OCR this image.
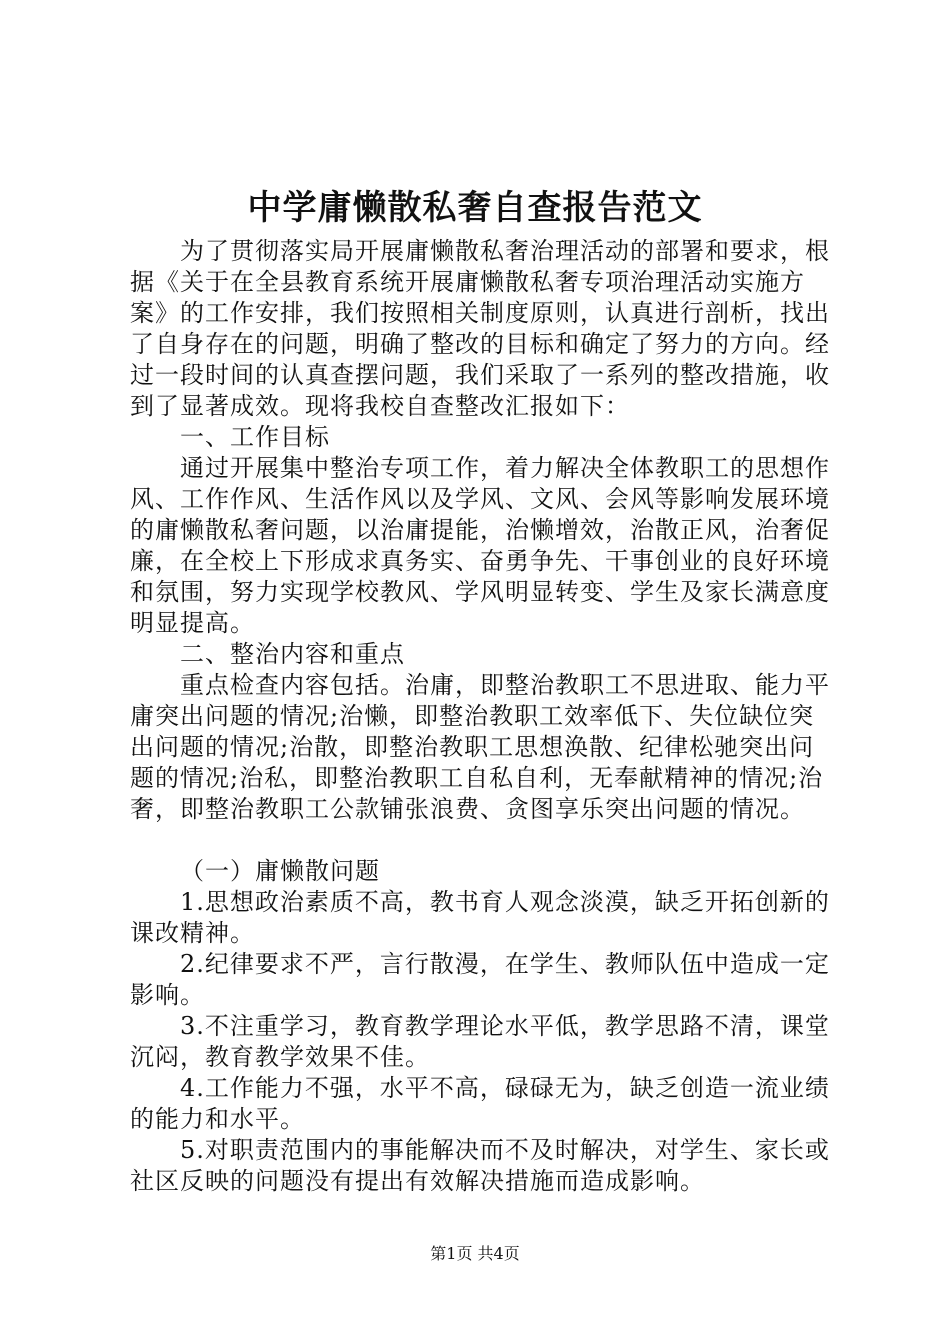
中学庸懒散私奢自查报告范文

为了贯彻落实局开展庸懒散私奢治理活动的部署和要求，根据《关于在全县教育系统开展庸懒散私奢专项治理活动实施方案》的工作安排，我们按照相关制度原则，认真进行剖析，找出了自身存在的问题，明确了整改的目标和确定了努力的方向。经过一段时间的认真查摆问题，我们采取了一系列的整改措施，收到了显著成效。现将我校自查整改汇报如下：

一、工作目标

通过开展集中整治专项工作，着力解决全体教职工的思想作风、工作作风、生活作风以及学风、文风、会风等影响发展环境的庸懒散私奢问题，以治庸提能，治懒增效，治散正风，治奢促廉，在全校上下形成求真务实、奋勇争先、干事创业的良好环境和氛围，努力实现学校教风、学风明显转变、学生及家长满意度明显提高。

二、整治内容和重点

重点检查内容包括。治庸，即整治教职工不思进取、能力平庸突出问题的情况;治懒，即整治教职工效率低下、失位缺位突出问题的情况;治散，即整治教职工思想涣散、纪律松驰突出问题的情况;治私，即整治教职工自私自利，无奉献精神的情况;治奢，即整治教职工公款铺张浪费、贪图享乐突出问题的情况。

（一）庸懒散问题

1.思想政治素质不高，教书育人观念淡漠，缺乏开拓创新的课改精神。

2.纪律要求不严，言行散漫，在学生、教师队伍中造成一定影响。

3.不注重学习，教育教学理论水平低，教学思路不清，课堂沉闷，教育教学效果不佳。

4.工作能力不强，水平不高，碌碌无为，缺乏创造一流业绩的能力和水平。

5.对职责范围内的事能解决而不及时解决，对学生、家长或社区反映的问题没有提出有效解决措施而造成影响。

第1页 共4页
